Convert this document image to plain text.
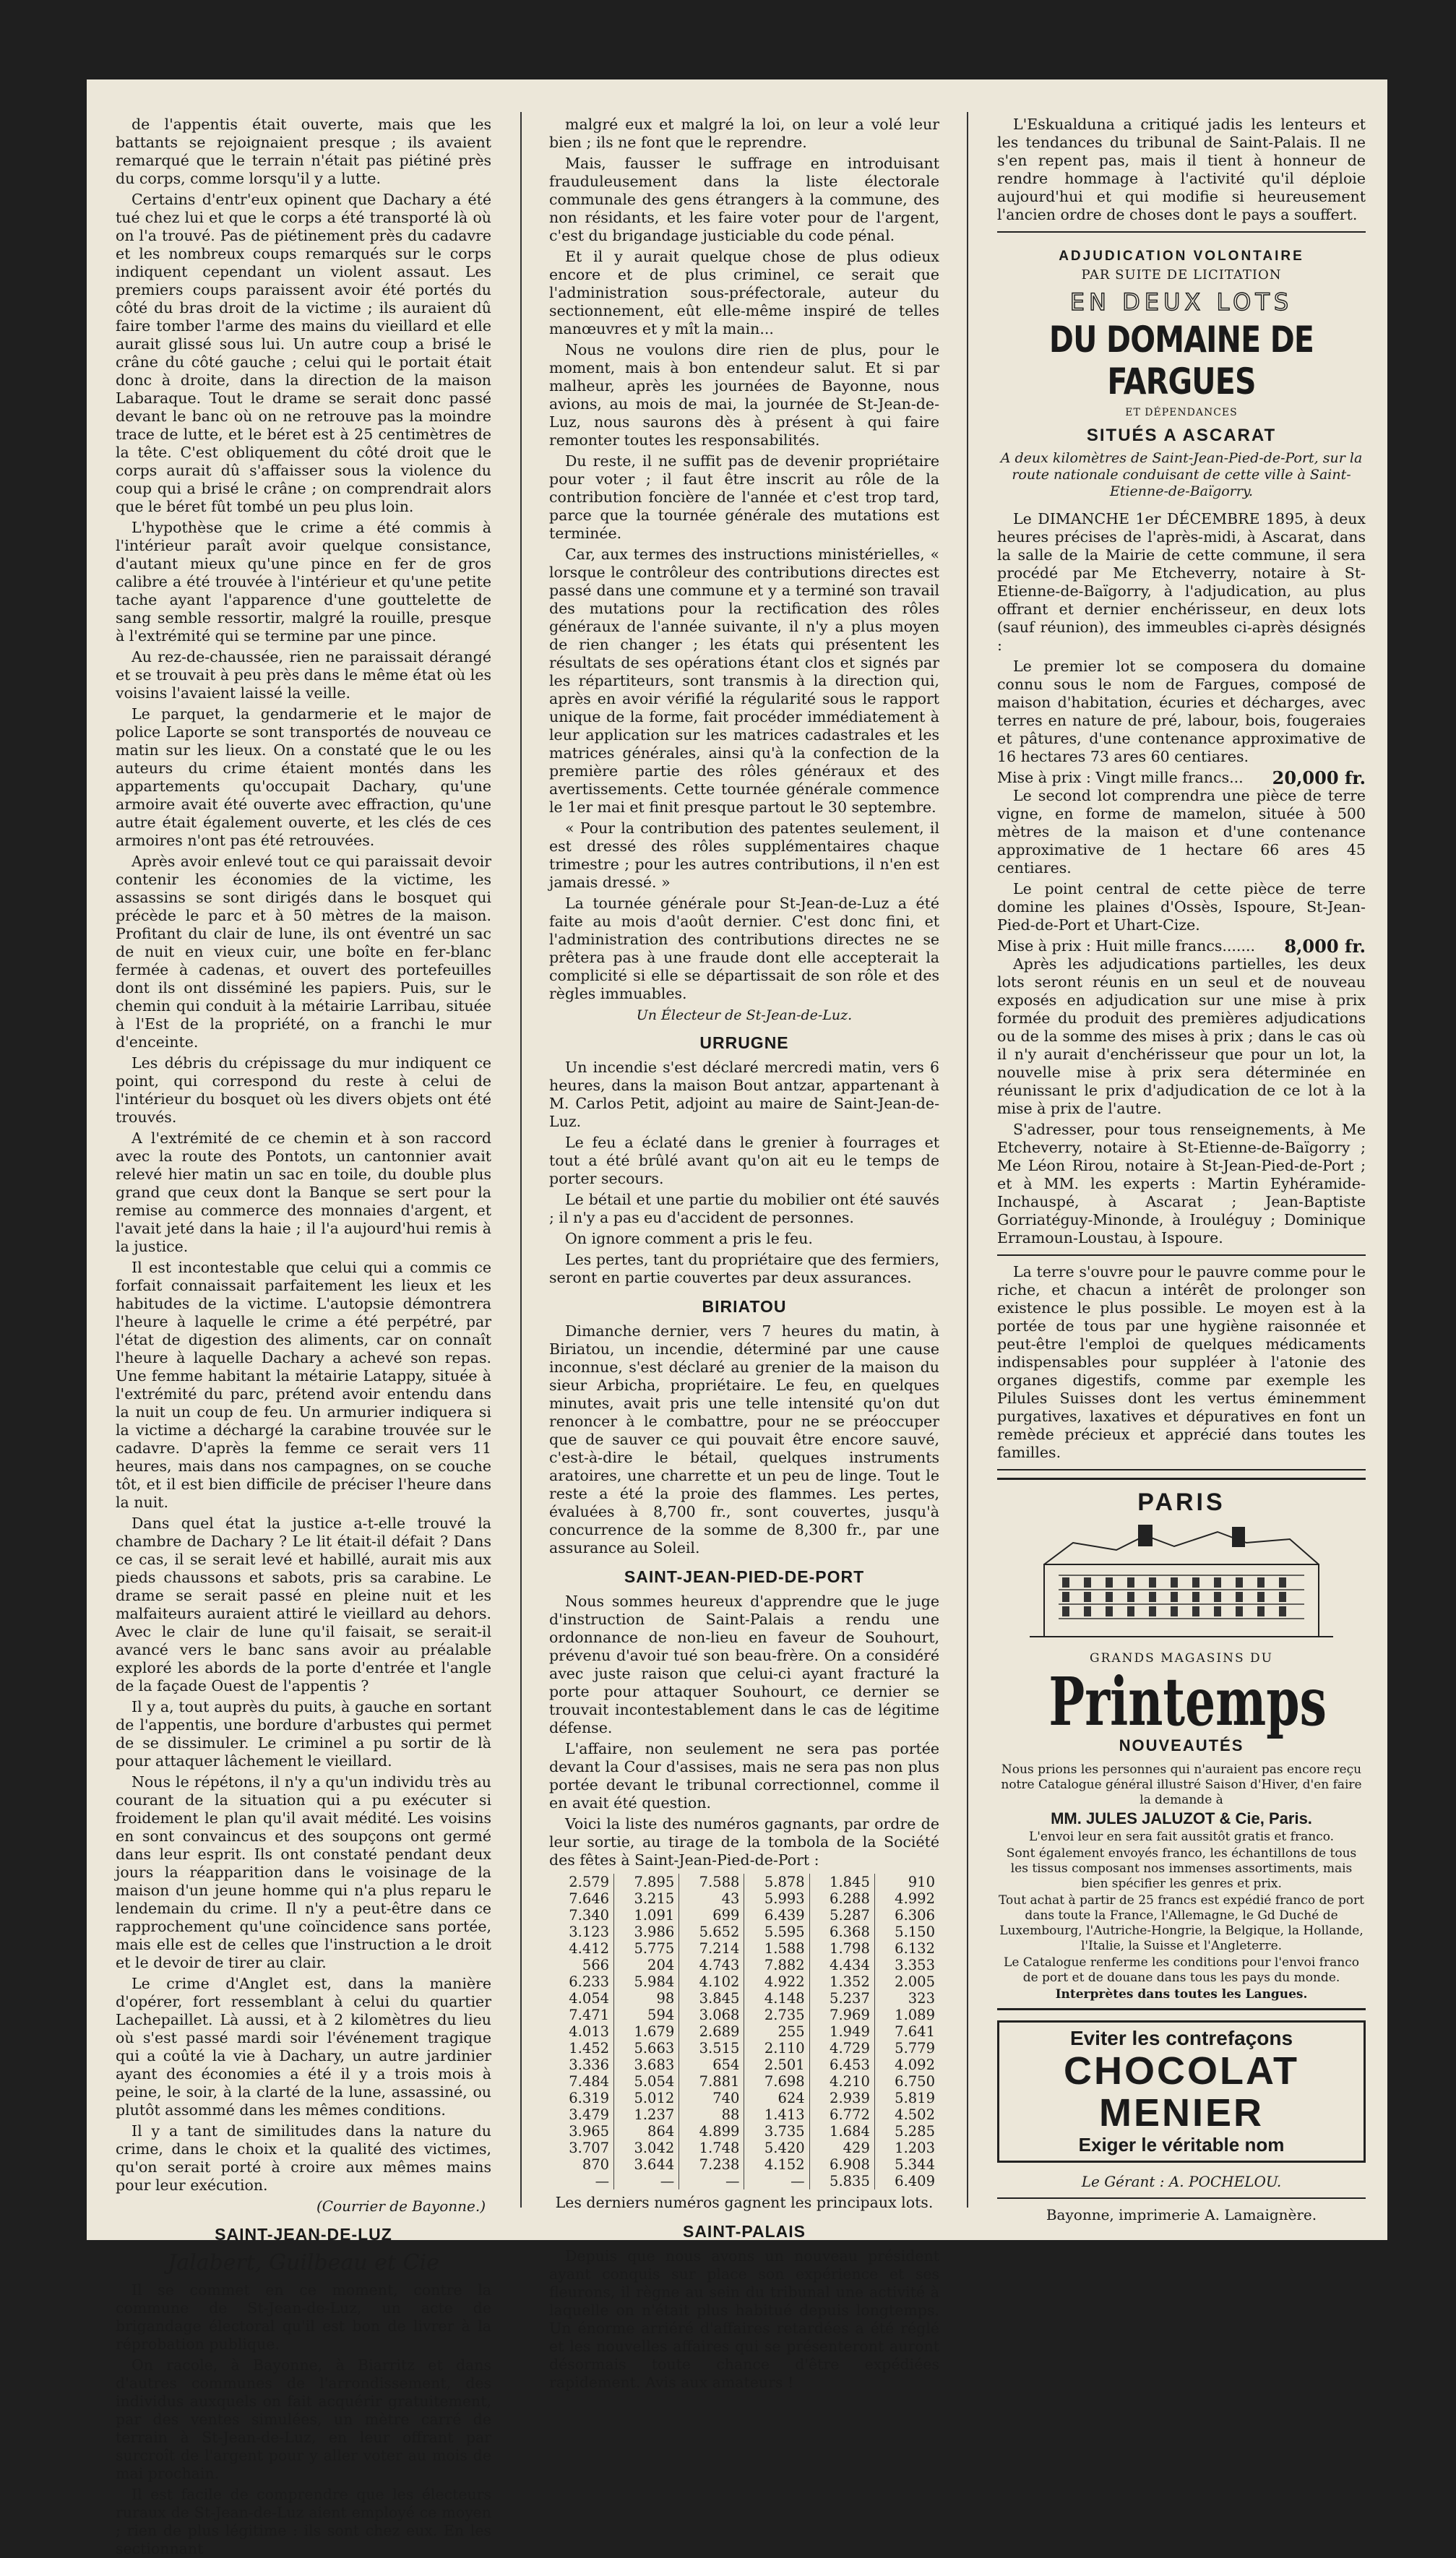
de l'appentis était ouverte, mais que les battants se rejoignaient presque ; ils avaient remarqué que le terrain n'était pas piétiné près du corps, comme lorsqu'il y a lutte.

Certains d'entr'eux opinent que Dachary a été tué chez lui et que le corps a été transporté là où on l'a trouvé. Pas de piétinement près du cadavre et les nombreux coups remarqués sur le corps indiquent cependant un violent assaut. Les premiers coups paraissent avoir été portés du côté du bras droit de la victime ; ils auraient dû faire tomber l'arme des mains du vieillard et elle aurait glissé sous lui. Un autre coup a brisé le crâne du côté gauche ; celui qui le portait était donc à droite, dans la direction de la maison Labaraque. Tout le drame se serait donc passé devant le banc où on ne retrouve pas la moindre trace de lutte, et le béret est à 25 centimètres de la tête. C'est obliquement du côté droit que le corps aurait dû s'affaisser sous la violence du coup qui a brisé le crâne ; on comprendrait alors que le béret fût tombé un peu plus loin.

L'hypothèse que le crime a été commis à l'intérieur paraît avoir quelque consistance, d'autant mieux qu'une pince en fer de gros calibre a été trouvée à l'intérieur et qu'une petite tache ayant l'apparence d'une gouttelette de sang semble ressortir, malgré la rouille, presque à l'extrémité qui se termine par une pince.

Au rez-de-chaussée, rien ne paraissait dérangé et se trouvait à peu près dans le même état où les voisins l'avaient laissé la veille.

Le parquet, la gendarmerie et le major de police Laporte se sont transportés de nouveau ce matin sur les lieux. On a constaté que le ou les auteurs du crime étaient montés dans les appartements qu'occupait Dachary, qu'une armoire avait été ouverte avec effraction, qu'une autre était également ouverte, et les clés de ces armoires n'ont pas été retrouvées.

Après avoir enlevé tout ce qui paraissait devoir contenir les économies de la victime, les assassins se sont dirigés dans le bosquet qui précède le parc et à 50 mètres de la maison. Profitant du clair de lune, ils ont éventré un sac de nuit en vieux cuir, une boîte en fer-blanc fermée à cadenas, et ouvert des portefeuilles dont ils ont disséminé les papiers. Puis, sur le chemin qui conduit à la métairie Larribau, située à l'Est de la propriété, on a franchi le mur d'enceinte.

Les débris du crépissage du mur indiquent ce point, qui correspond du reste à celui de l'intérieur du bosquet où les divers objets ont été trouvés.

A l'extrémité de ce chemin et à son raccord avec la route des Pontots, un cantonnier avait relevé hier matin un sac en toile, du double plus grand que ceux dont la Banque se sert pour la remise au commerce des monnaies d'argent, et l'avait jeté dans la haie ; il l'a aujourd'hui remis à la justice.

Il est incontestable que celui qui a commis ce forfait connaissait parfaitement les lieux et les habitudes de la victime. L'autopsie démontrera l'heure à laquelle le crime a été perpétré, par l'état de digestion des aliments, car on connaît l'heure à laquelle Dachary a achevé son repas. Une femme habitant la métairie Latappy, située à l'extrémité du parc, prétend avoir entendu dans la nuit un coup de feu. Un armurier indiquera si la victime a déchargé la carabine trouvée sur le cadavre. D'après la femme ce serait vers 11 heures, mais dans nos campagnes, on se couche tôt, et il est bien difficile de préciser l'heure dans la nuit.

Dans quel état la justice a-t-elle trouvé la chambre de Dachary ? Le lit était-il défait ? Dans ce cas, il se serait levé et habillé, aurait mis aux pieds chaussons et sabots, pris sa carabine. Le drame se serait passé en pleine nuit et les malfaiteurs auraient attiré le vieillard au dehors. Avec le clair de lune qu'il faisait, se serait-il avancé vers le banc sans avoir au préalable exploré les abords de la porte d'entrée et l'angle de la façade Ouest de l'appentis ?

Il y a, tout auprès du puits, à gauche en sortant de l'appentis, une bordure d'arbustes qui permet de se dissimuler. Le criminel a pu sortir de là pour attaquer lâchement le vieillard.

Nous le répétons, il n'y a qu'un individu très au courant de la situation qui a pu exécuter si froidement le plan qu'il avait médité. Les voisins en sont convaincus et des soupçons ont germé dans leur esprit. Ils ont constaté pendant deux jours la réapparition dans le voisinage de la maison d'un jeune homme qui n'a plus reparu le lendemain du crime. Il n'y a peut-être dans ce rapprochement qu'une coïncidence sans portée, mais elle est de celles que l'instruction a le droit et le devoir de tirer au clair.

Le crime d'Anglet est, dans la manière d'opérer, fort ressemblant à celui du quartier Lachepaillet. Là aussi, et à 2 kilomètres du lieu où s'est passé mardi soir l'événement tragique qui a coûté la vie à Dachary, un autre jardinier ayant des économies a été il y a trois mois à peine, le soir, à la clarté de la lune, assassiné, ou plutôt assommé dans les mêmes conditions.

Il y a tant de similitudes dans la nature du crime, dans le choix et la qualité des victimes, qu'on serait porté à croire aux mêmes mains pour leur exécution.

(Courrier de Bayonne.)
SAINT-JEAN-DE-LUZ
Jalabert, Guilbeau et Cie

Il se commet en ce moment, contre la commune de St-Jean-de-Luz, un acte de brigandage électoral qu'il est bon de livrer à la réprobation publique.

On racole, à Bayonne, à Biarritz et dans d'autres communes de l'arrondissement, des individus auxquels on fait acquérir gratuitement, par des ventes simulées, un mètre carré de terrain à St-Jean-de-Luz, en leur offrant par surcroît de l'argent pour y aller voter au mois de mai prochain.

Il est facile de comprendre que les électeurs ruraux de St-Jean-de-Luz aient employé ce moyen ; rien de plus légitime : ils sont chez eux. En les sectionnant

malgré eux et malgré la loi, on leur a volé leur bien ; ils ne font que le reprendre.

Mais, fausser le suffrage en introduisant frauduleusement dans la liste électorale communale des gens étrangers à la commune, des non résidants, et les faire voter pour de l'argent, c'est du brigandage justiciable du code pénal.

Et il y aurait quelque chose de plus odieux encore et de plus criminel, ce serait que l'administration sous-préfectorale, auteur du sectionnement, eût elle-même inspiré de telles manœuvres et y mît la main...

Nous ne voulons dire rien de plus, pour le moment, mais à bon entendeur salut. Et si par malheur, après les journées de Bayonne, nous avions, au mois de mai, la journée de St-Jean-de-Luz, nous saurons dès à présent à qui faire remonter toutes les responsabilités.

Du reste, il ne suffit pas de devenir propriétaire pour voter ; il faut être inscrit au rôle de la contribution foncière de l'année et c'est trop tard, parce que la tournée générale des mutations est terminée.

Car, aux termes des instructions ministérielles, « lorsque le contrôleur des contributions directes est passé dans une commune et y a terminé son travail des mutations pour la rectification des rôles généraux de l'année suivante, il n'y a plus moyen de rien changer ; les états qui présentent les résultats de ses opérations étant clos et signés par les répartiteurs, sont transmis à la direction qui, après en avoir vérifié la régularité sous le rapport unique de la forme, fait procéder immédiatement à leur application sur les matrices cadastrales et les matrices générales, ainsi qu'à la confection de la première partie des rôles généraux et des avertissements. Cette tournée générale commence le 1er mai et finit presque partout le 30 septembre.

« Pour la contribution des patentes seulement, il est dressé des rôles supplémentaires chaque trimestre ; pour les autres contributions, il n'en est jamais dressé. »

La tournée générale pour St-Jean-de-Luz a été faite au mois d'août dernier. C'est donc fini, et l'administration des contributions directes ne se prêtera pas à une fraude dont elle accepterait la complicité si elle se départissait de son rôle et des règles immuables.

Un Électeur de St-Jean-de-Luz.
URRUGNE

Un incendie s'est déclaré mercredi matin, vers 6 heures, dans la maison Bout antzar, appartenant à M. Carlos Petit, adjoint au maire de Saint-Jean-de-Luz.

Le feu a éclaté dans le grenier à fourrages et tout a été brûlé avant qu'on ait eu le temps de porter secours.

Le bétail et une partie du mobilier ont été sauvés ; il n'y a pas eu d'accident de personnes.

On ignore comment a pris le feu.

Les pertes, tant du propriétaire que des fermiers, seront en partie couvertes par deux assurances.

BIRIATOU

Dimanche dernier, vers 7 heures du matin, à Biriatou, un incendie, déterminé par une cause inconnue, s'est déclaré au grenier de la maison du sieur Arbicha, propriétaire. Le feu, en quelques minutes, avait pris une telle intensité qu'on dut renoncer à le combattre, pour ne se préoccuper que de sauver ce qui pouvait être encore sauvé, c'est-à-dire le bétail, quelques instruments aratoires, une charrette et un peu de linge. Tout le reste a été la proie des flammes. Les pertes, évaluées à 8,700 fr., sont couvertes, jusqu'à concurrence de la somme de 8,300 fr., par une assurance au Soleil.

SAINT-JEAN-PIED-DE-PORT

Nous sommes heureux d'apprendre que le juge d'instruction de Saint-Palais a rendu une ordonnance de non-lieu en faveur de Souhourt, prévenu d'avoir tué son beau-frère. On a considéré avec juste raison que celui-ci ayant fracturé la porte pour attaquer Souhourt, ce dernier se trouvait incontestablement dans le cas de légitime défense.

L'affaire, non seulement ne sera pas portée devant la Cour d'assises, mais ne sera pas non plus portée devant le tribunal correctionnel, comme il en avait été question.

Voici la liste des numéros gagnants, par ordre de leur sortie, au tirage de la tombola de la Société des fêtes à Saint-Jean-Pied-de-Port :

2.579	7.895	7.588	5.878	1.845	910
7.646	3.215	43	5.993	6.288	4.992
7.340	1.091	699	6.439	5.287	6.306
3.123	3.986	5.652	5.595	6.368	5.150
4.412	5.775	7.214	1.588	1.798	6.132
566	204	4.743	7.882	4.434	3.353
6.233	5.984	4.102	4.922	1.352	2.005
4.054	98	3.845	4.148	5.237	323
7.471	594	3.068	2.735	7.969	1.089
4.013	1.679	2.689	255	1.949	7.641
1.452	5.663	3.515	2.110	4.729	5.779
3.336	3.683	654	2.501	6.453	4.092
7.484	5.054	7.881	7.698	4.210	6.750
6.319	5.012	740	624	2.939	5.819
3.479	1.237	88	1.413	6.772	4.502
3.965	864	4.899	3.735	1.684	5.285
3.707	3.042	1.748	5.420	429	1.203
870	3.644	7.238	4.152	6.908	5.344
—	—	—	—	5.835	6.409

Les derniers numéros gagnent les principaux lots.

SAINT-PALAIS

Depuis que nous avons un nouveau président ayant conquis sur place son expérience et ses fleurons, il règne au sein du tribunal une activité à laquelle on n'était plus habitué depuis longtemps. Un énorme arriéré d'affaires retardées a été réglé et les nouvelles affaires qui se présenteront auront désormais toute chance d'être expédiées rapidement. Avis aux amateurs !

L'Eskualduna a critiqué jadis les lenteurs et les tendances du tribunal de Saint-Palais. Il ne s'en repent pas, mais il tient à honneur de rendre hommage à l'activité qu'il déploie aujourd'hui et qui modifie si heureusement l'ancien ordre de choses dont le pays a souffert.

ADJUDICATION VOLONTAIRE
PAR SUITE DE LICITATION
EN DEUX LOTS
DU DOMAINE DE FARGUES
ET DÉPENDANCES
SITUÉS A ASCARAT
A deux kilomètres de Saint-Jean-Pied-de-Port, sur la route nationale conduisant de cette ville à Saint-Etienne-de-Baïgorry.

Le DIMANCHE 1er DÉCEMBRE 1895, à deux heures précises de l'après-midi, à Ascarat, dans la salle de la Mairie de cette commune, il sera procédé par Me Etcheverry, notaire à St-Etienne-de-Baïgorry, à l'adjudication, au plus offrant et dernier enchérisseur, en deux lots (sauf réunion), des immeubles ci-après désignés :

Le premier lot se composera du domaine connu sous le nom de Fargues, composé de maison d'habitation, écuries et décharges, avec terres en nature de pré, labour, bois, fougeraies et pâtures, d'une contenance approximative de 16 hectares 73 ares 60 centiares.

Mise à prix : Vingt mille francs... 20,000 fr.

Le second lot comprendra une pièce de terre vigne, en forme de mamelon, située à 500 mètres de la maison et d'une contenance approximative de 1 hectare 66 ares 45 centiares.

Le point central de cette pièce de terre domine les plaines d'Ossès, Ispoure, St-Jean-Pied-de-Port et Uhart-Cize.

Mise à prix : Huit mille francs....... 8,000 fr.

Après les adjudications partielles, les deux lots seront réunis en un seul et de nouveau exposés en adjudication sur une mise à prix formée du produit des premières adjudications ou de la somme des mises à prix ; dans le cas où il n'y aurait d'enchérisseur que pour un lot, la nouvelle mise à prix sera déterminée en réunissant le prix d'adjudication de ce lot à la mise à prix de l'autre.

S'adresser, pour tous renseignements, à Me Etcheverry, notaire à St-Etienne-de-Baïgorry ; Me Léon Rirou, notaire à St-Jean-Pied-de-Port ; et à MM. les experts : Martin Eyhéramide-Inchauspé, à Ascarat ; Jean-Baptiste Gorriatéguy-Minonde, à Irouléguy ; Dominique Erramoun-Loustau, à Ispoure.

La terre s'ouvre pour le pauvre comme pour le riche, et chacun a intérêt de prolonger son existence le plus possible. Le moyen est à la portée de tous par une hygiène raisonnée et peut-être l'emploi de quelques médicaments indispensables pour suppléer à l'atonie des organes digestifs, comme par exemple les Pilules Suisses dont les vertus éminemment purgatives, laxatives et dépuratives en font un remède précieux et apprécié dans toutes les familles.

PARIS
GRANDS MAGASINS DU
Printemps
NOUVEAUTÉS
Nous prions les personnes qui n'auraient pas encore reçu notre Catalogue général illustré Saison d'Hiver, d'en faire la demande à
MM. JULES JALUZOT & Cie, Paris.
L'envoi leur en sera fait aussitôt gratis et franco.
Sont également envoyés franco, les échantillons de tous les tissus composant nos immenses assortiments, mais bien spécifier les genres et prix.
Tout achat à partir de 25 francs est expédié franco de port dans toute la France, l'Allemagne, le Gd Duché de Luxembourg, l'Autriche-Hongrie, la Belgique, la Hollande, l'Italie, la Suisse et l'Angleterre.
Le Catalogue renferme les conditions pour l'envoi franco de port et de douane dans tous les pays du monde.
Interprètes dans toutes les Langues.
Eviter les contrefaçons
CHOCOLAT
MENIER
Exiger le véritable nom
Le Gérant : A. POCHELOU.
Bayonne, imprimerie A. Lamaignère.
